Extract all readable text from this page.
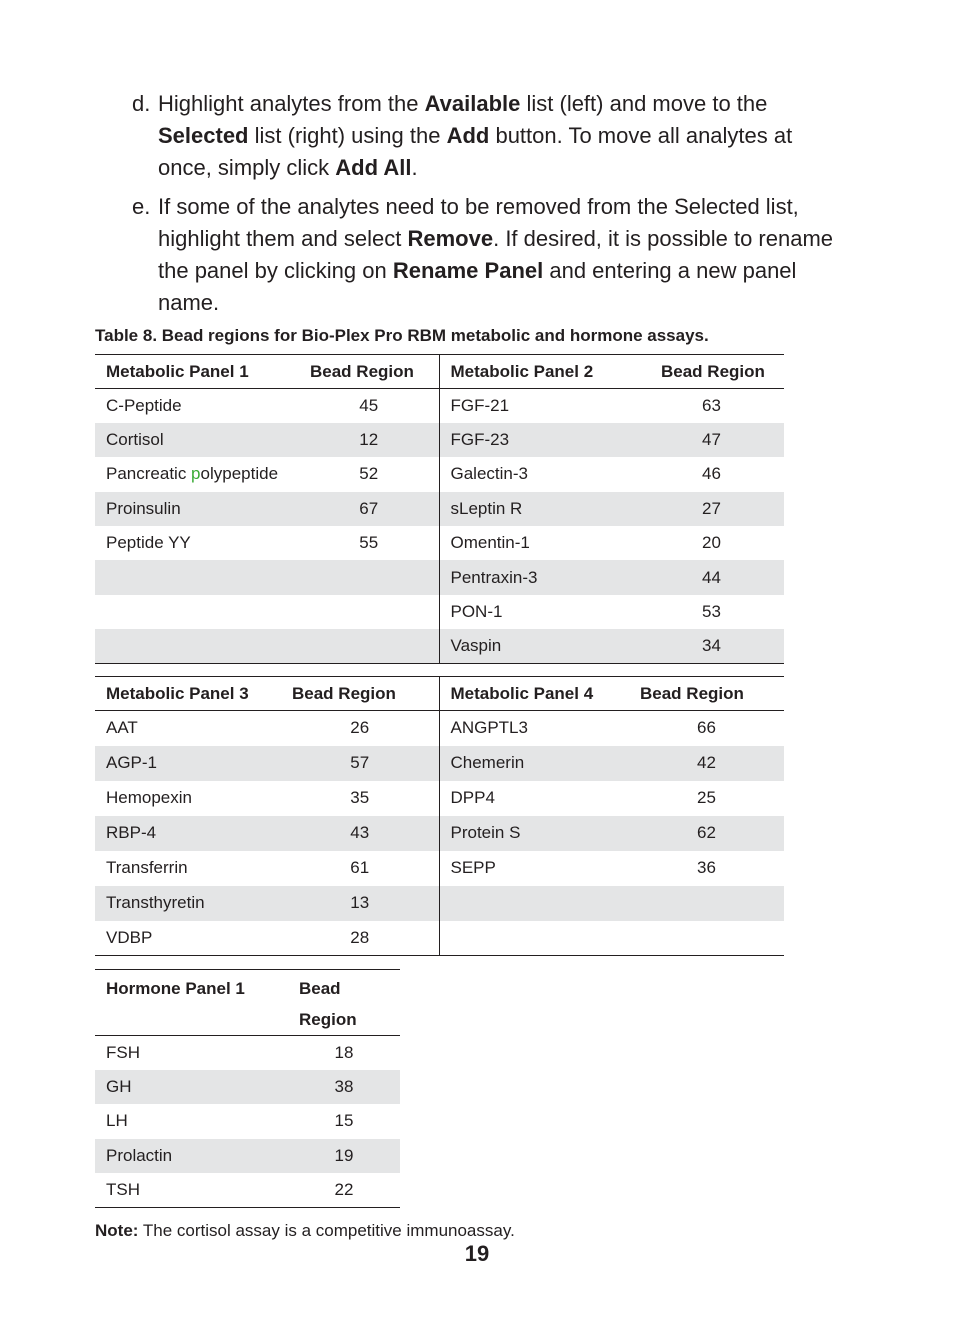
d. Highlight analytes from the Available list (left) and move to the Selected list (right) using the Add button. To move all analytes at once, simply click Add All.
e. If some of the analytes need to be removed from the Selected list, highlight them and select Remove. If desired, it is possible to rename the panel by clicking on Rename Panel and entering a new panel name.
Table 8. Bead regions for Bio-Plex Pro RBM metabolic and hormone assays.
Metabolic Panel 1	Bead Region	Metabolic Panel 2	Bead Region
C-Peptide	45	FGF-21	63
Cortisol	12	FGF-23	47
Pancreatic polypeptide	52	Galectin-3	46
Proinsulin	67	sLeptin R	27
Peptide YY	55	Omentin-1	20
		Pentraxin-3	44
		PON-1	53
		Vaspin	34
Metabolic Panel 3	Bead Region	Metabolic Panel 4	Bead Region
AAT	26	ANGPTL3	66
AGP-1	57	Chemerin	42
Hemopexin	35	DPP4	25
RBP-4	43	Protein S	62
Transferrin	61	SEPP	36
Transthyretin	13		
VDBP	28		
Hormone Panel 1	Bead
Region
FSH	18
GH	38
LH	15
Prolactin	19
TSH	22
Note: The cortisol assay is a competitive immunoassay.
19
